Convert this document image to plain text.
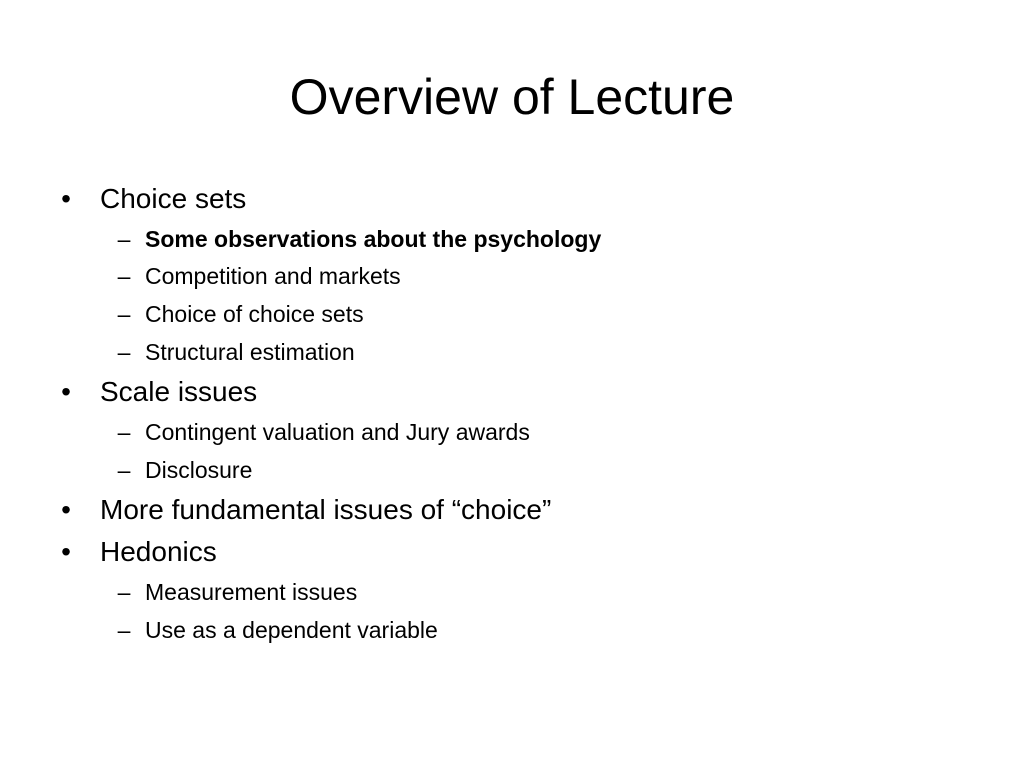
Overview of Lecture
• Choice sets
– Some observations about the psychology
– Competition and markets
– Choice of choice sets
– Structural estimation
• Scale issues
– Contingent valuation and Jury awards
– Disclosure
• More fundamental issues of “choice”
• Hedonics
– Measurement issues
– Use as a dependent variable
